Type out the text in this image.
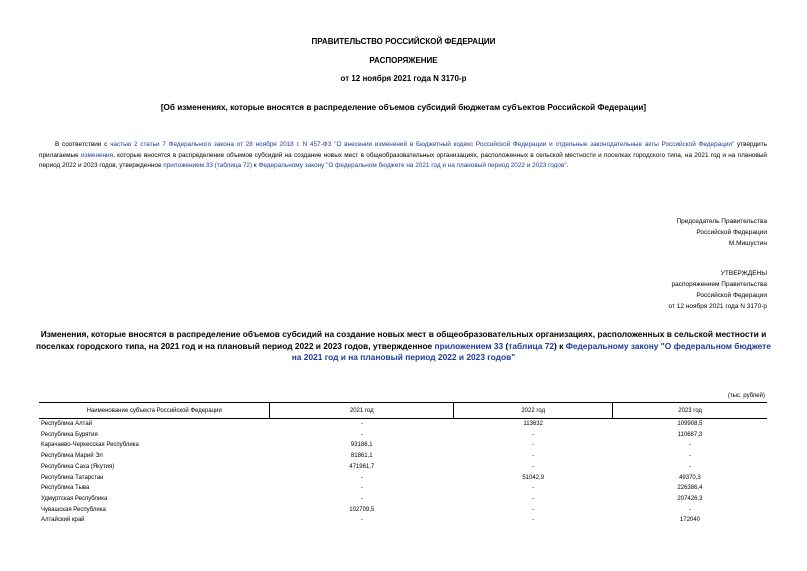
ПРАВИТЕЛЬСТВО РОССИЙСКОЙ ФЕДЕРАЦИИ
РАСПОРЯЖЕНИЕ
от 12 ноября 2021 года N 3170-р
[Об изменениях, которые вносятся в распределение объемов субсидий бюджетам субъектов Российской Федерации]
В соответствии с частью 2 статьи 7 Федерального закона от 28 ноября 2018 г. N 457-ФЗ "О внесении изменений в Бюджетный кодекс Российской Федерации и отдельные законодательные акты Российской Федерации" утвердить прилагаемые изменения, которые вносятся в распределение объемов субсидий на создание новых мест в общеобразовательных организациях, расположенных в сельской местности и поселках городского типа, на 2021 год и на плановый период 2022 и 2023 годов, утвержденное приложением 33 (таблица 72) к Федеральному закону "О федеральном бюджете на 2021 год и на плановый период 2022 и 2023 годов".
Председатель Правительства
Российской Федерации
М.Мишустин
УТВЕРЖДЕНЫ
распоряжением Правительства
Российской Федерации
от 12 ноября 2021 года N 3170-р
Изменения, которые вносятся в распределение объемов субсидий на создание новых мест в общеобразовательных организациях, расположенных в сельской местности и поселках городского типа, на 2021 год и на плановый период 2022 и 2023 годов, утвержденное приложением 33 (таблица 72) к Федеральному закону "О федеральном бюджете на 2021 год и на плановый период 2022 и 2023 годов"
(тыс. рублей)
Наименование субъекта Российской Федерации	2021 год	2022 год	2023 год
Республика Алтай	-	113632	109908,5
Республика Бурятия	-	-	110687,3
Карачаево-Черкесская Республика	93186,1	-	-
Республика Марий Эл	81861,1	-	-
Республика Саха (Якутия)	471961,7	-	-
Республика Татарстан	-	51042,9	49370,3
Республика Тыва	-	-	226386,4
Удмуртская Республика	-	-	207426,3
Чувашская Республика	102709,5	-	-
Алтайский край	-	-	172040
